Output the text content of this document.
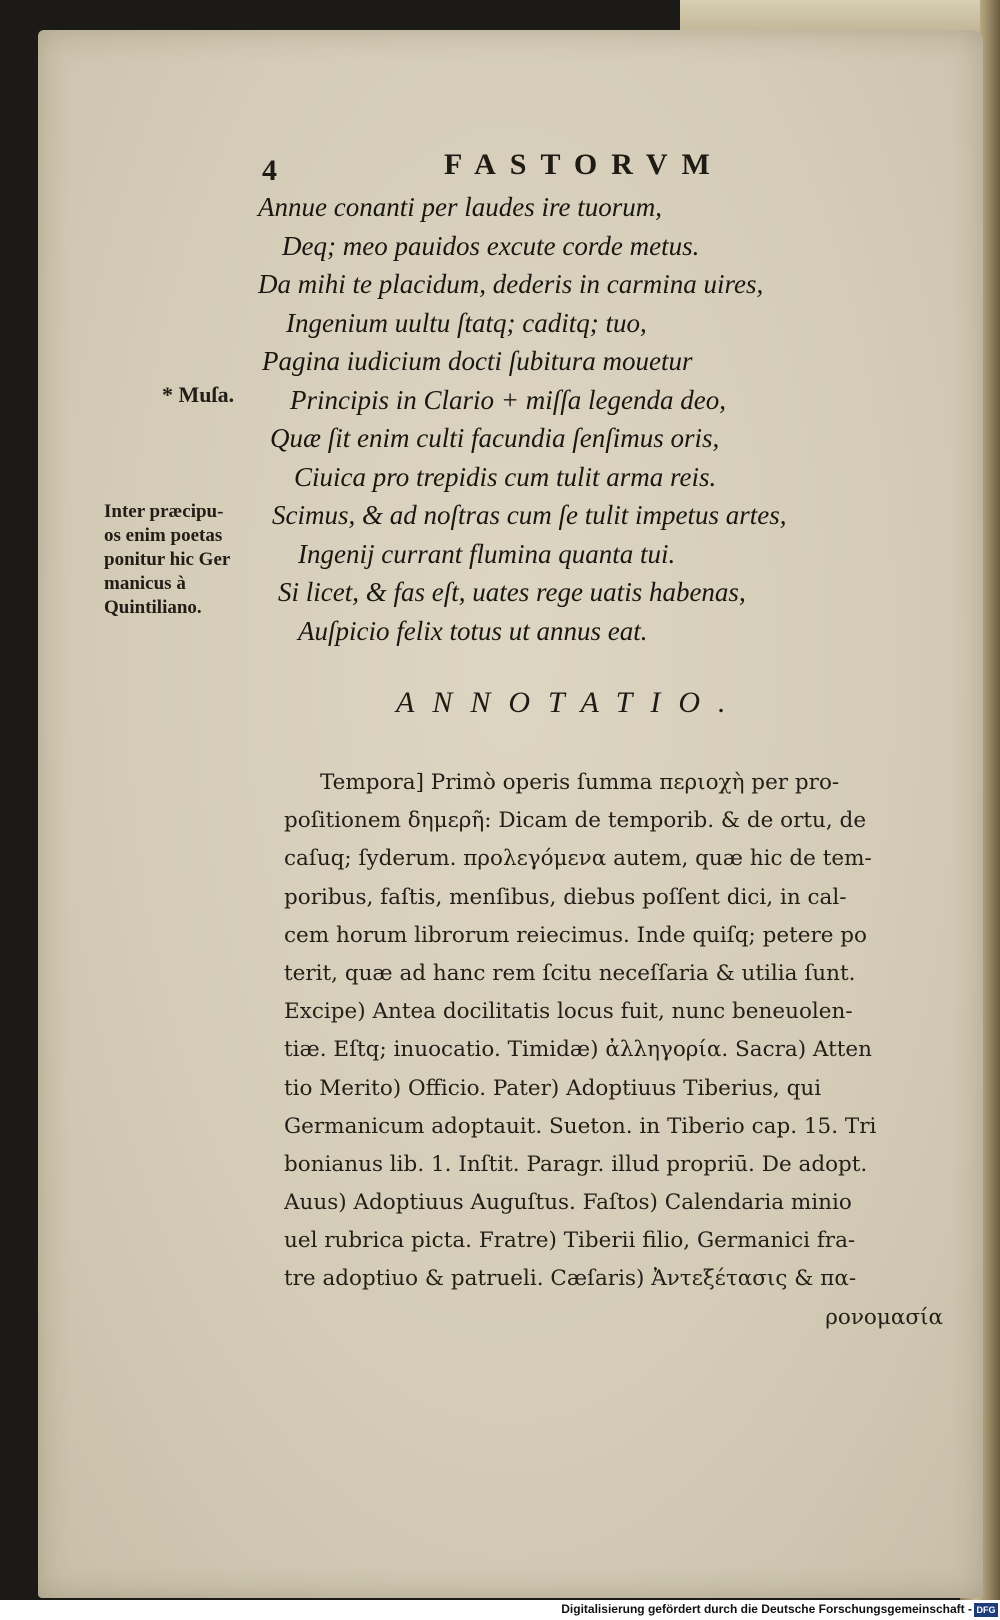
4	FASTORVM
Annue conanti per laudes ire tuorum,
Deq; meo pauidos excute corde metus.
Da mihi te placidum, dederis in carmina uires,
Ingenium uultu ſtatq; caditq; tuo,
Pagina iudicium docti ſubitura mouetur
Principis in Clario + miſſa legenda deo,
Quæ ſit enim culti facundia ſenſimus oris,
Ciuica pro trepidis cum tulit arma reis.
Scimus, & ad noſtras cum ſe tulit impetus artes,
Ingenij currant flumina quanta tui.
Si licet, & fas eſt, uates rege uatis habenas,
Auſpicio felix totus ut annus eat.
* Muſa.
Inter præcipu-
os enim poetas
ponitur hic Ger
manicus à
Quintiliano.
ANNOTATIO.
Tempora] Primò operis ſumma περιοχὴ per pro-
poſitionem δημερῆ: Dicam de temporib. & de ortu, de
caſuq; ſyderum. προλεγόμενα autem, quæ hic de tem-
poribus, faſtis, menſibus, diebus poſſent dici, in cal-
cem horum librorum reiecimus. Inde quiſq; petere po
terit, quæ ad hanc rem ſcitu neceſſaria & utilia ſunt.
Excipe) Antea docilitatis locus fuit, nunc beneuolen-
tiæ. Eſtq; inuocatio. Timidæ) ἀλληγορία. Sacra) Atten
tio Merito) Officio. Pater) Adoptiuus Tiberius, qui
Germanicum adoptauit. Sueton. in Tiberio cap. 15. Tri
bonianus lib. 1. Inſtit. Paragr. illud propriū. De adopt.
Auus) Adoptiuus Auguſtus. Faſtos) Calendaria minio
uel rubrica picta. Fratre) Tiberii filio, Germanici fra-
tre adoptiuo & patrueli. Cæſaris) Ἀντεξέτασις & πα-
ρονομασία
Digitalisierung gefördert durch die Deutsche Forschungsgemeinschaft - DFG
